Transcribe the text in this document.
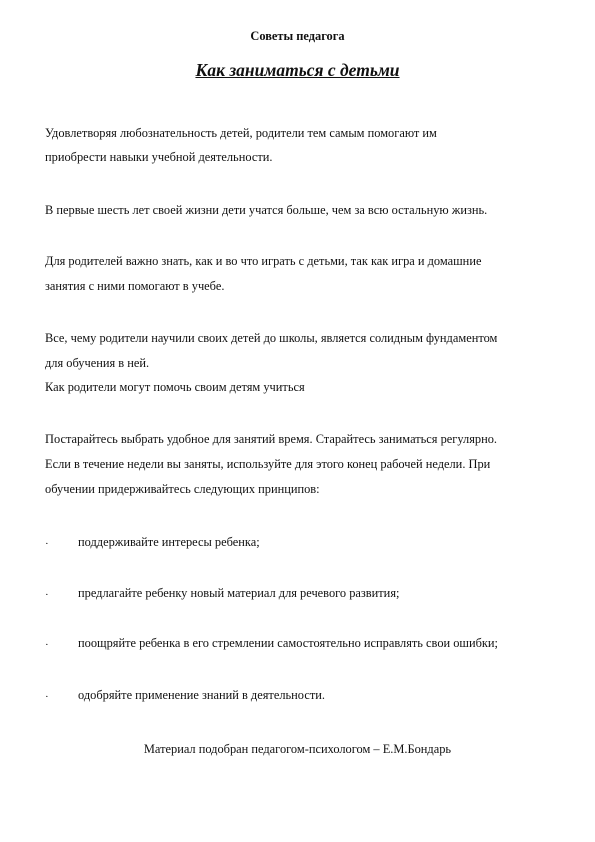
Советы педагога
Как заниматься с детьми
Удовлетворяя любознательность детей, родители тем самым помогают им
приобрести навыки учебной деятельности.
В первые шесть лет своей жизни дети учатся больше, чем за всю остальную жизнь.
Для родителей важно знать, как и во что играть с детьми, так как игра и домашние
занятия с ними помогают в учебе.
Все, чему родители научили своих детей до школы, является солидным фундаментом
для обучения в ней.
Как родители могут помочь своим детям учиться
Постарайтесь выбрать удобное для занятий время. Старайтесь заниматься регулярно.
Если в течение недели вы заняты, используйте для этого конец рабочей недели. При
обучении придерживайтесь следующих принципов:
· поддерживайте интересы ребенка;
· предлагайте ребенку новый материал для речевого развития;
· поощряйте ребенка в его стремлении самостоятельно исправлять свои ошибки;
· одобряйте применение знаний в деятельности.
Материал подобран педагогом-психологом – Е.М.Бондарь
